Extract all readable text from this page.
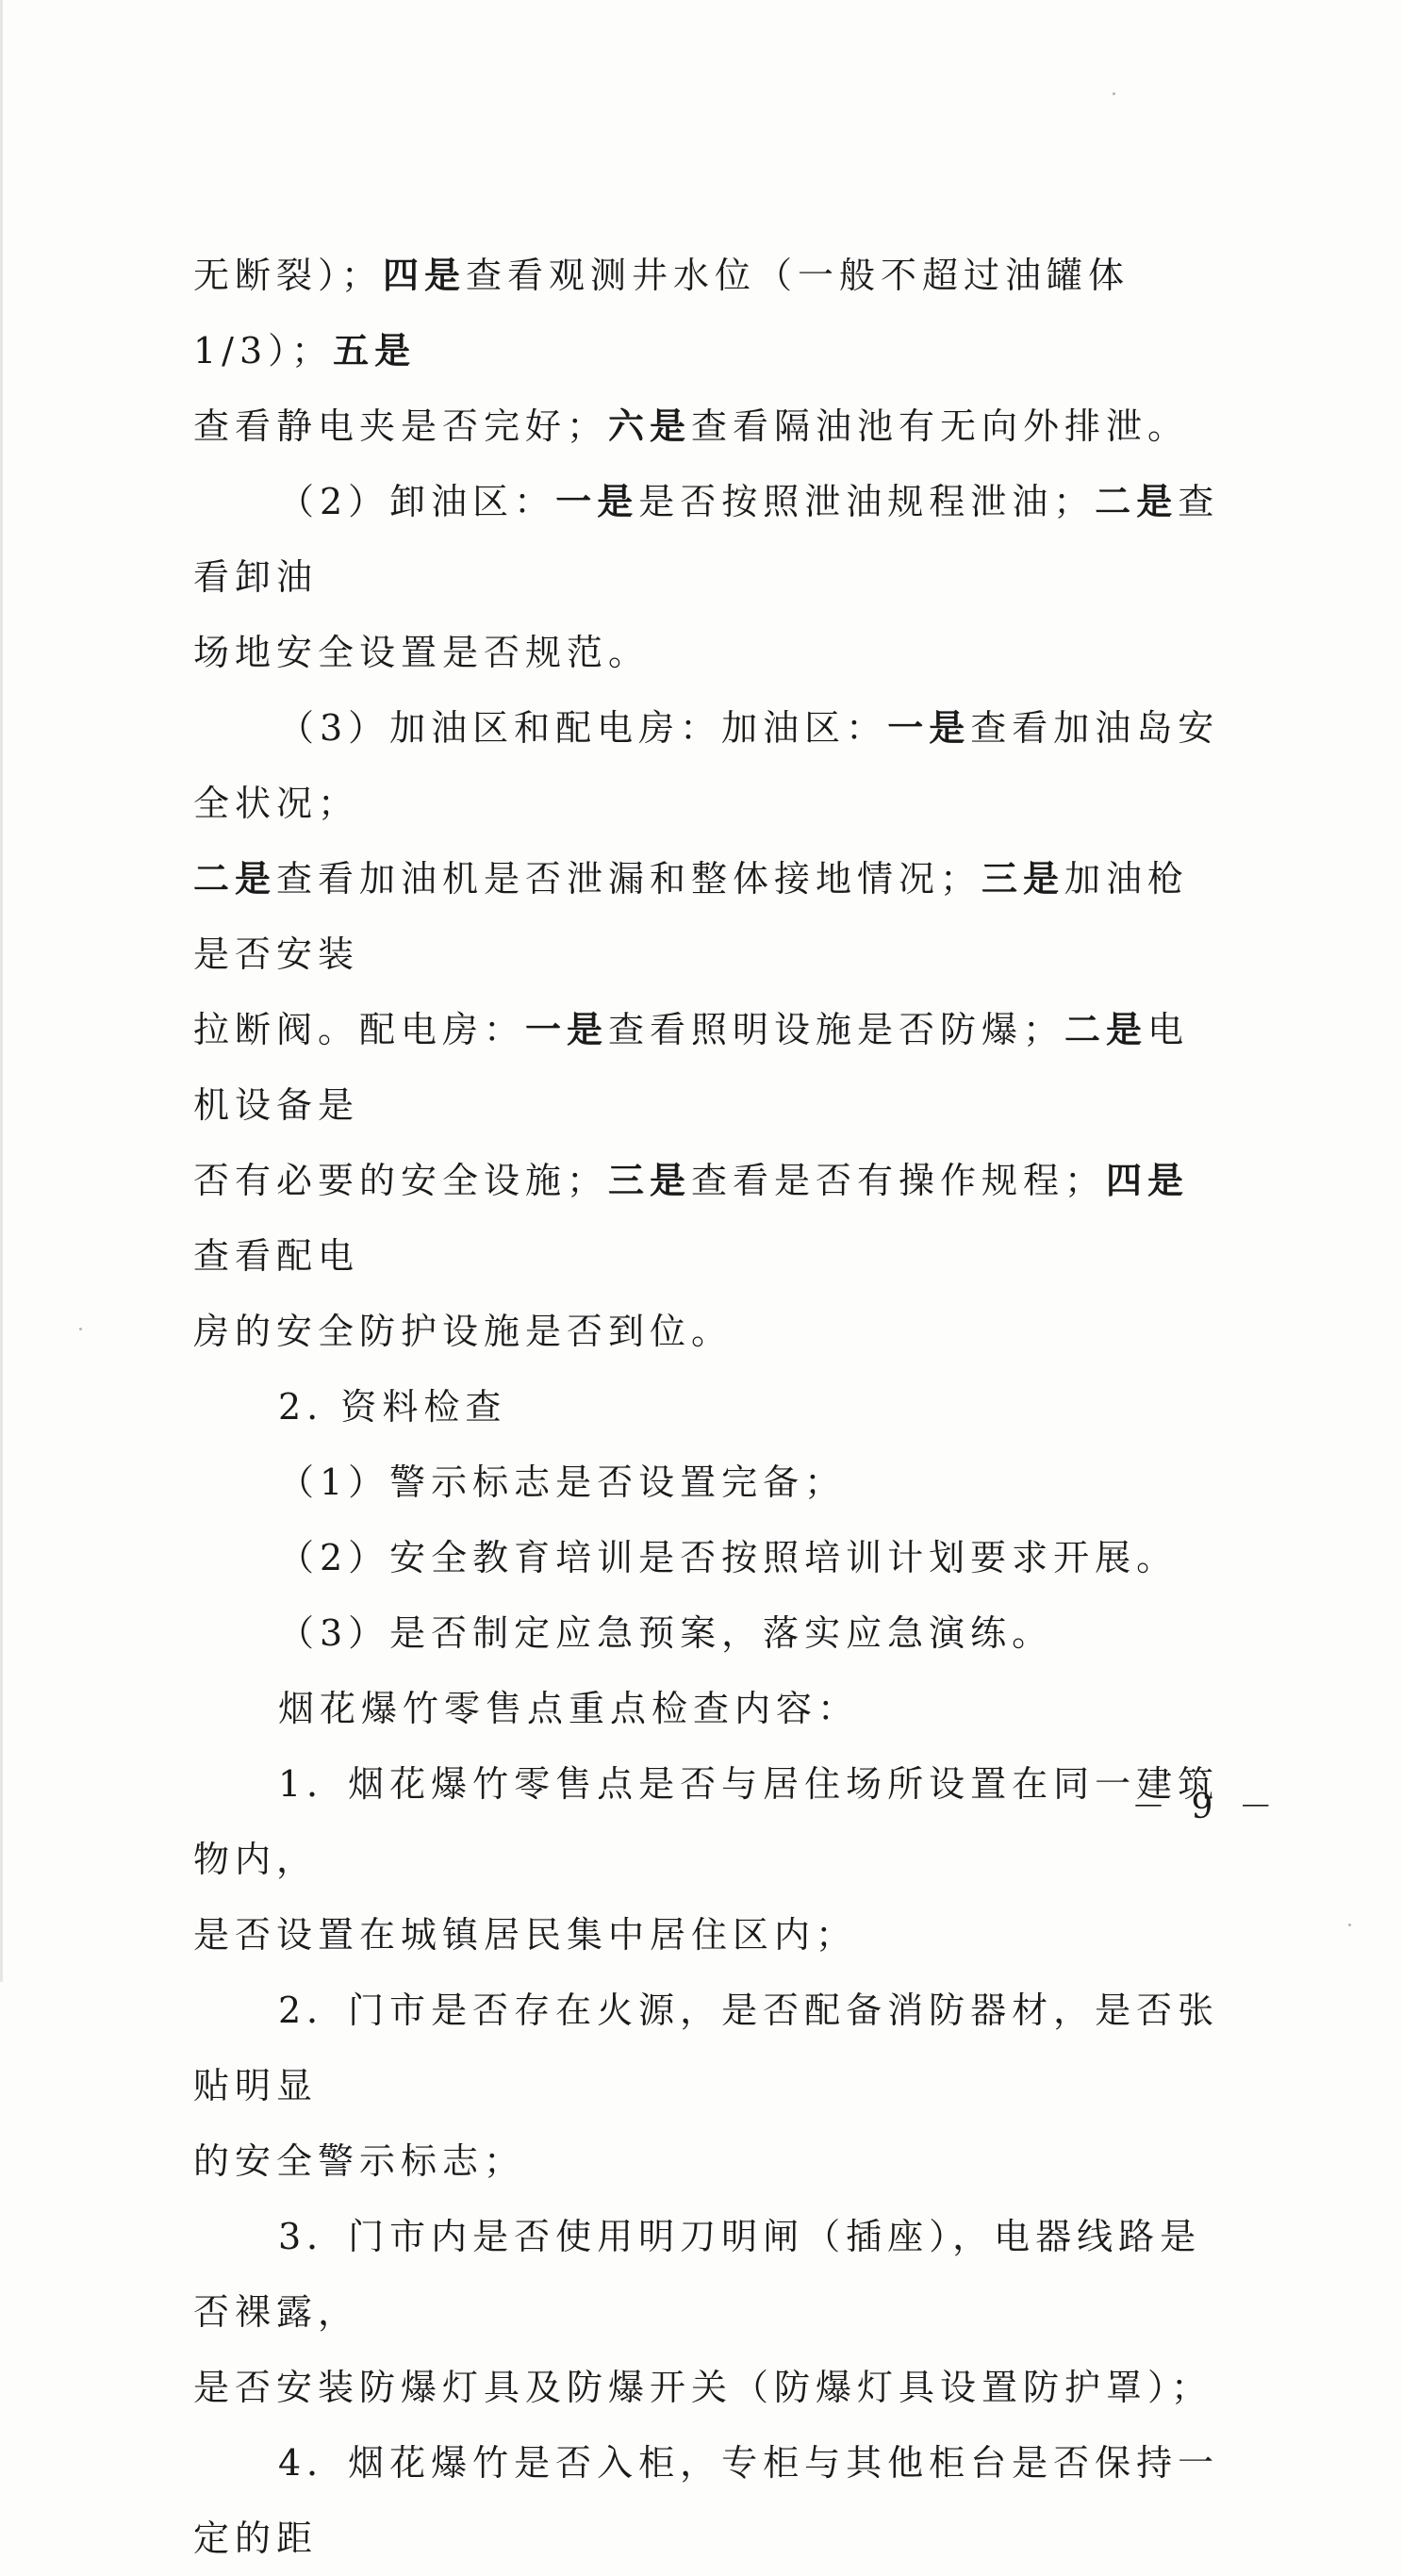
无断裂）；四是查看观测井水位（一般不超过油罐体1/3）；五是
查看静电夹是否完好；六是查看隔油池有无向外排泄。
（2）卸油区：一是是否按照泄油规程泄油；二是查看卸油
场地安全设置是否规范。
（3）加油区和配电房：加油区：一是查看加油岛安全状况；
二是查看加油机是否泄漏和整体接地情况；三是加油枪是否安装
拉断阀。配电房：一是查看照明设施是否防爆；二是电机设备是
否有必要的安全设施；三是查看是否有操作规程；四是查看配电
房的安全防护设施是否到位。
2. 资料检查
（1）警示标志是否设置完备；
（2）安全教育培训是否按照培训计划要求开展。
（3）是否制定应急预案，落实应急演练。
烟花爆竹零售点重点检查内容：
1．烟花爆竹零售点是否与居住场所设置在同一建筑物内，
是否设置在城镇居民集中居住区内；
2．门市是否存在火源，是否配备消防器材，是否张贴明显
的安全警示标志；
3．门市内是否使用明刀明闸（插座），电器线路是否裸露，
是否安装防爆灯具及防爆开关（防爆灯具设置防护罩）；
4．烟花爆竹是否入柜，专柜与其他柜台是否保持一定的距
－ 9 －
